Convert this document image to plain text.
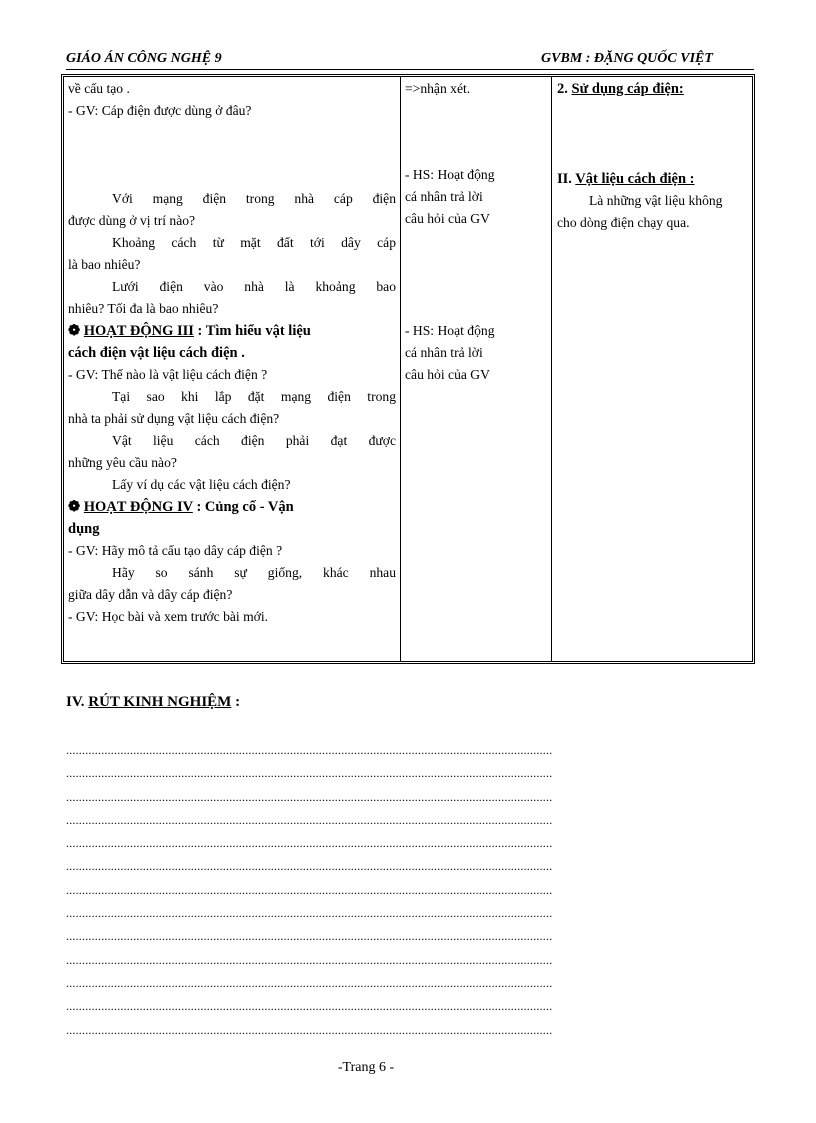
GIÁO ÁN CÔNG NGHỆ 9	GVBM : ĐẶNG QUỐC VIỆT
về cấu tạo .
- GV: Cáp điện được dùng ở đâu?
Với mạng điện trong nhà cáp điện
được dùng ở vị trí nào?
Khoảng cách từ mặt đất tới dây cáp
là bao nhiêu?
Lưới điện vào nhà là khoảng bao
nhiêu? Tối đa là bao nhiêu?
❁ HOẠT ĐỘNG III : Tìm hiểu vật liệu
cách điện vật liệu cách điện .
- GV: Thế nào là vật liệu cách điện ?
Tại sao khi lắp đặt mạng điện trong
nhà ta phải sử dụng vật liệu cách điện?
Vật liệu cách điện phải đạt được
những yêu cầu nào?
Lấy ví dụ các vật liệu cách điện?
❁ HOẠT ĐỘNG IV : Củng cố - Vận
dụng
- GV: Hãy mô tả cấu tạo dây cáp điện ?
Hãy so sánh sự giống, khác nhau
giữa dây dẫn và dây cáp điện?
- GV: Học bài và xem trước bài mới.
=>nhận xét.
- HS: Hoạt động
cá nhân trả lời
câu hỏi của GV
- HS: Hoạt động
cá nhân trả lời
câu hỏi của GV
2. Sử dụng cáp điện:
II. Vật liệu cách điện :
Là những vật liệu không
cho dòng điện chạy qua.
IV. RÚT KINH NGHIỆM :
........................................................................................................................................................
........................................................................................................................................................
........................................................................................................................................................
........................................................................................................................................................
........................................................................................................................................................
........................................................................................................................................................
........................................................................................................................................................
........................................................................................................................................................
........................................................................................................................................................
........................................................................................................................................................
........................................................................................................................................................
........................................................................................................................................................
........................................................................................................................................................
-Trang 6 -
